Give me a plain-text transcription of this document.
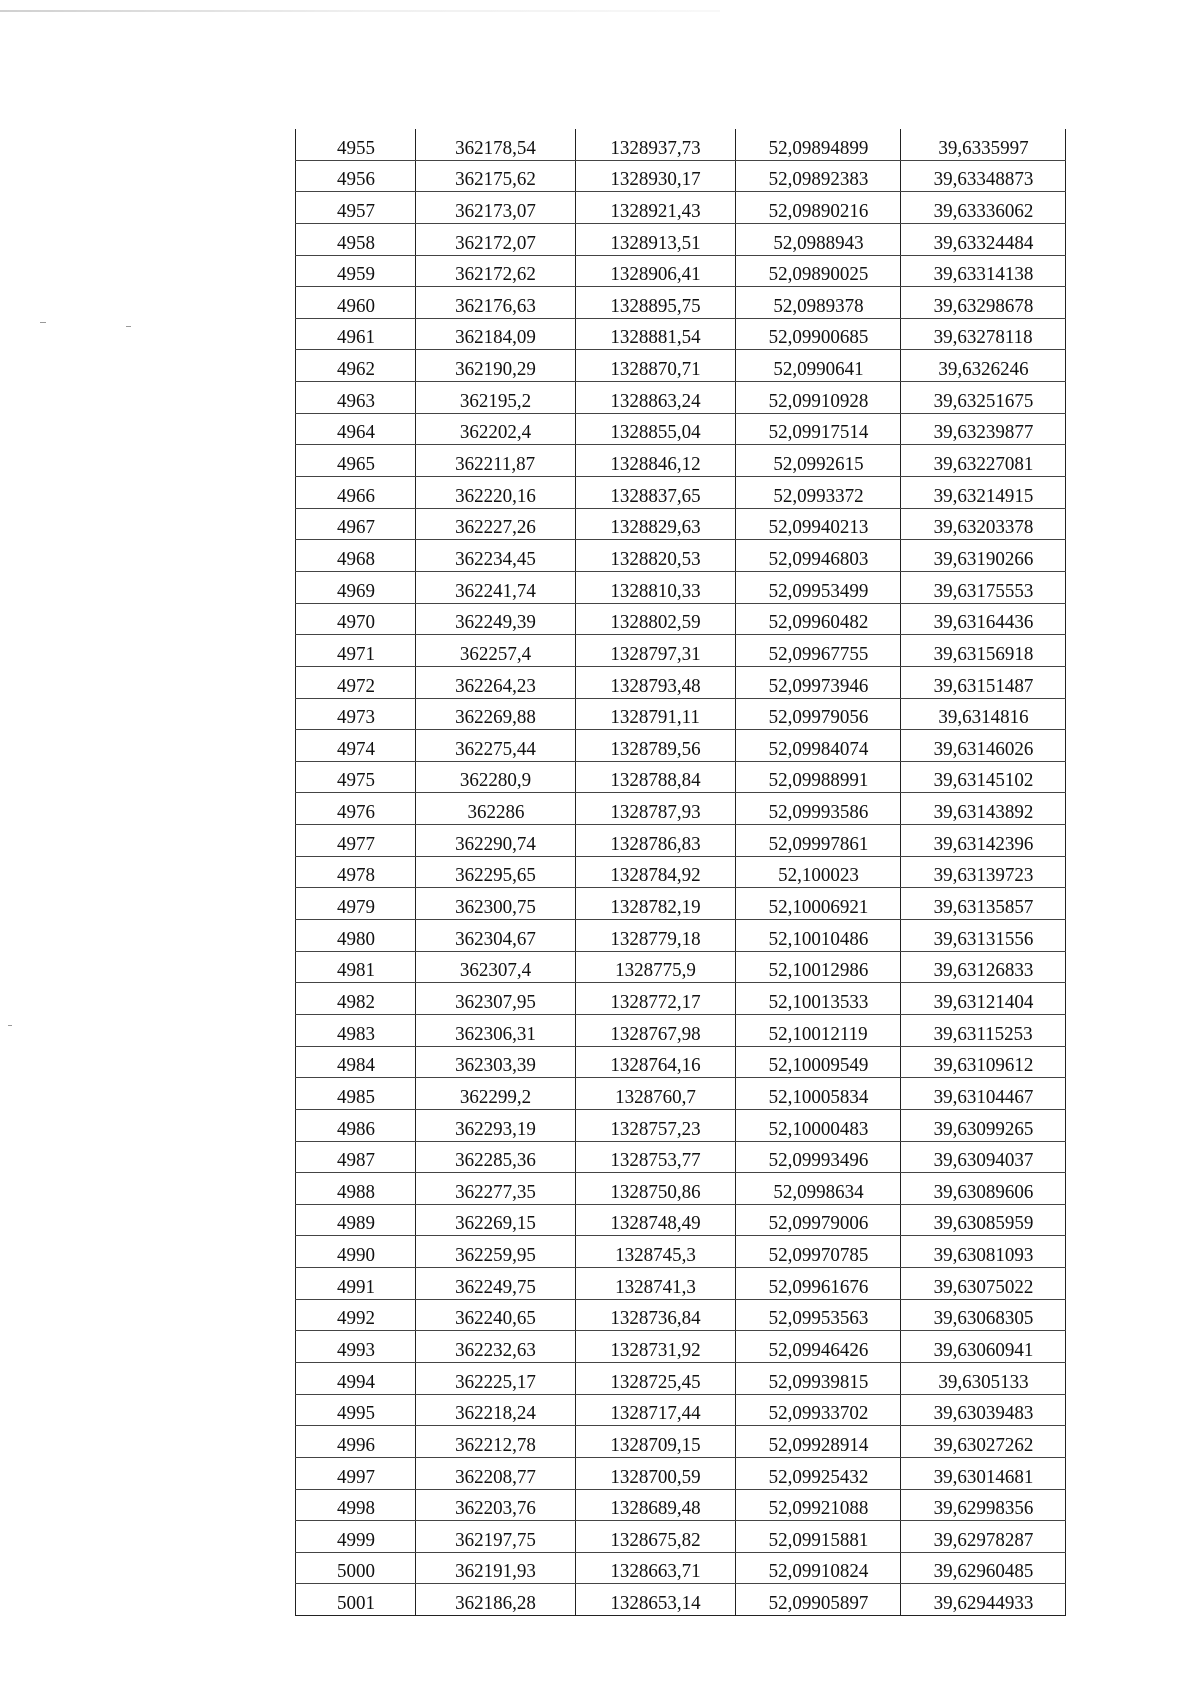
4955	362178,54	1328937,73	52,09894899	39,6335997
4956	362175,62	1328930,17	52,09892383	39,63348873
4957	362173,07	1328921,43	52,09890216	39,63336062
4958	362172,07	1328913,51	52,0988943	39,63324484
4959	362172,62	1328906,41	52,09890025	39,63314138
4960	362176,63	1328895,75	52,0989378	39,63298678
4961	362184,09	1328881,54	52,09900685	39,63278118
4962	362190,29	1328870,71	52,0990641	39,6326246
4963	362195,2	1328863,24	52,09910928	39,63251675
4964	362202,4	1328855,04	52,09917514	39,63239877
4965	362211,87	1328846,12	52,0992615	39,63227081
4966	362220,16	1328837,65	52,0993372	39,63214915
4967	362227,26	1328829,63	52,09940213	39,63203378
4968	362234,45	1328820,53	52,09946803	39,63190266
4969	362241,74	1328810,33	52,09953499	39,63175553
4970	362249,39	1328802,59	52,09960482	39,63164436
4971	362257,4	1328797,31	52,09967755	39,63156918
4972	362264,23	1328793,48	52,09973946	39,63151487
4973	362269,88	1328791,11	52,09979056	39,6314816
4974	362275,44	1328789,56	52,09984074	39,63146026
4975	362280,9	1328788,84	52,09988991	39,63145102
4976	362286	1328787,93	52,09993586	39,63143892
4977	362290,74	1328786,83	52,09997861	39,63142396
4978	362295,65	1328784,92	52,100023	39,63139723
4979	362300,75	1328782,19	52,10006921	39,63135857
4980	362304,67	1328779,18	52,10010486	39,63131556
4981	362307,4	1328775,9	52,10012986	39,63126833
4982	362307,95	1328772,17	52,10013533	39,63121404
4983	362306,31	1328767,98	52,10012119	39,63115253
4984	362303,39	1328764,16	52,10009549	39,63109612
4985	362299,2	1328760,7	52,10005834	39,63104467
4986	362293,19	1328757,23	52,10000483	39,63099265
4987	362285,36	1328753,77	52,09993496	39,63094037
4988	362277,35	1328750,86	52,0998634	39,63089606
4989	362269,15	1328748,49	52,09979006	39,63085959
4990	362259,95	1328745,3	52,09970785	39,63081093
4991	362249,75	1328741,3	52,09961676	39,63075022
4992	362240,65	1328736,84	52,09953563	39,63068305
4993	362232,63	1328731,92	52,09946426	39,63060941
4994	362225,17	1328725,45	52,09939815	39,6305133
4995	362218,24	1328717,44	52,09933702	39,63039483
4996	362212,78	1328709,15	52,09928914	39,63027262
4997	362208,77	1328700,59	52,09925432	39,63014681
4998	362203,76	1328689,48	52,09921088	39,62998356
4999	362197,75	1328675,82	52,09915881	39,62978287
5000	362191,93	1328663,71	52,09910824	39,62960485
5001	362186,28	1328653,14	52,09905897	39,62944933
